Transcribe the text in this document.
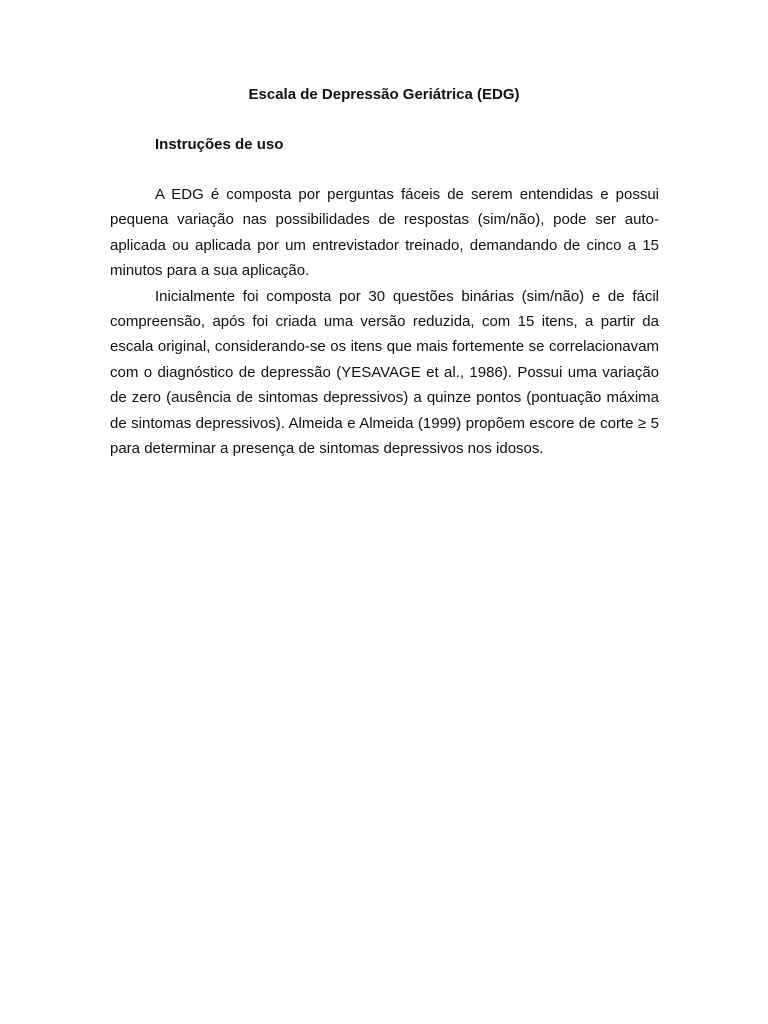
Escala de Depressão Geriátrica (EDG)
Instruções de uso

A EDG é composta por perguntas fáceis de serem entendidas e possui pequena variação nas possibilidades de respostas (sim/não), pode ser auto-aplicada ou aplicada por um entrevistador treinado, demandando de cinco a 15 minutos para a sua aplicação.

Inicialmente foi composta por 30 questões binárias (sim/não) e de fácil compreensão, após foi criada uma versão reduzida, com 15 itens, a partir da escala original, considerando-se os itens que mais fortemente se correlacionavam com o diagnóstico de depressão (YESAVAGE et al., 1986). Possui uma variação de zero (ausência de sintomas depressivos) a quinze pontos (pontuação máxima de sintomas depressivos). Almeida e Almeida (1999) propõem escore de corte ≥ 5 para determinar a presença de sintomas depressivos nos idosos.
